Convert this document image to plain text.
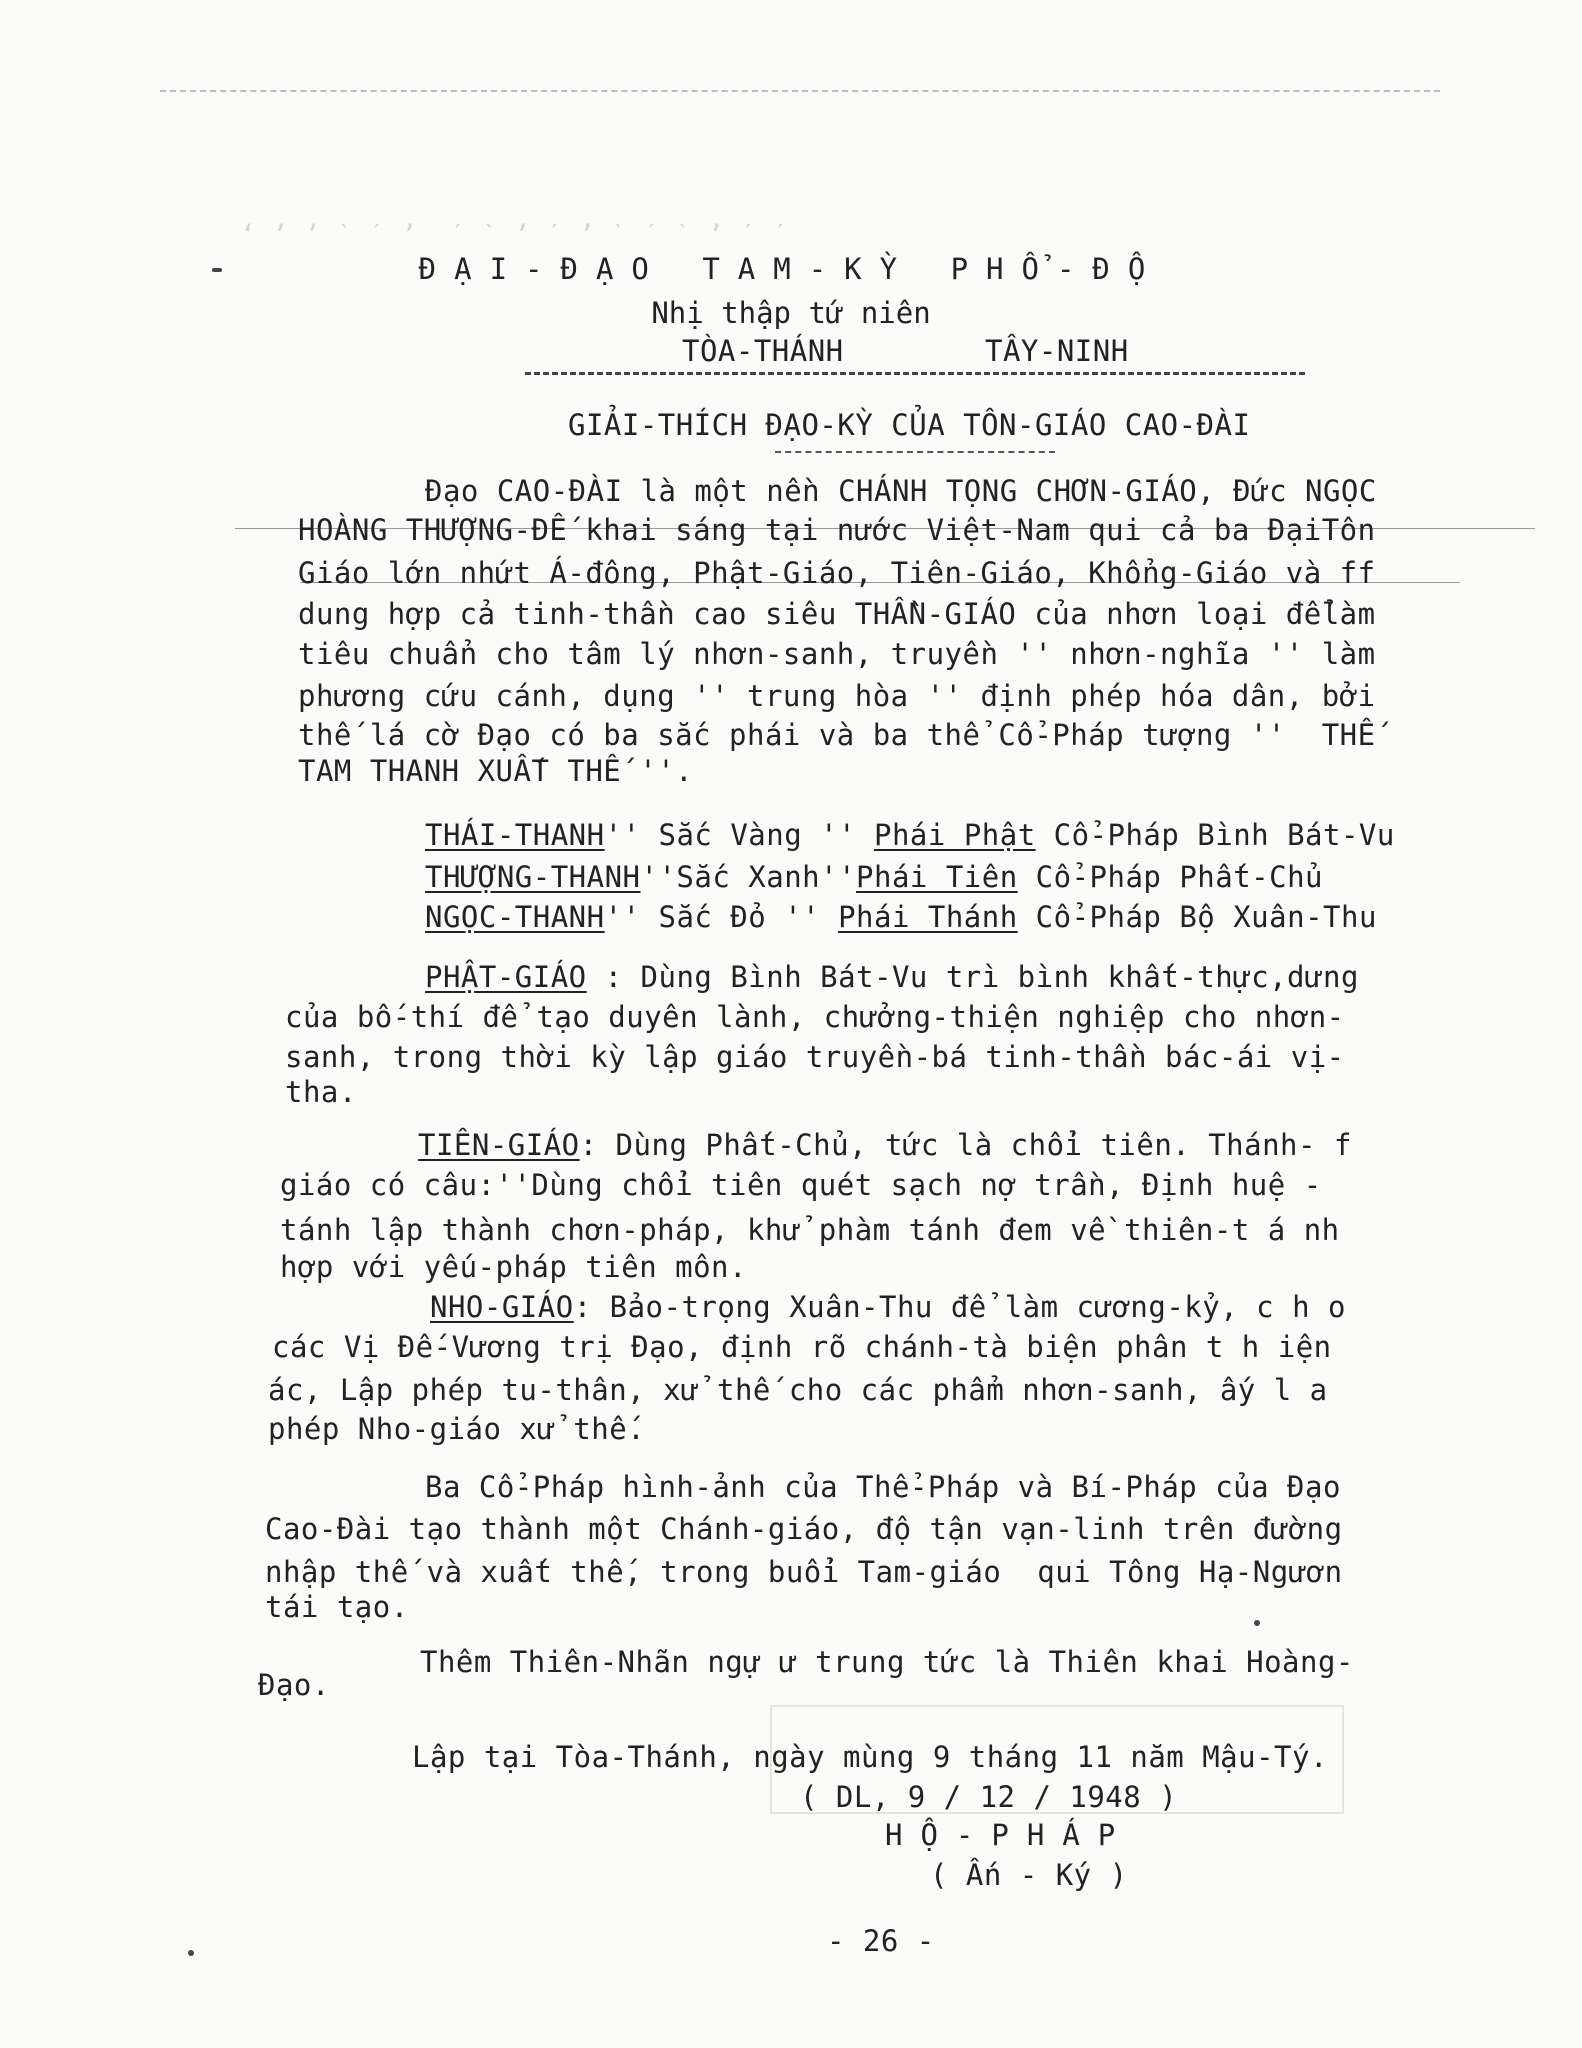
ʻ ʼ ʼ ˋ ˊ ʼ  ˊ ˋ ʼ ˊ ʼ ˋ ˊ ˋ ʼ ˊ ˊ
ĐẠI-ĐẠO TAM-KỲ PHỔ-ĐỘ
Nhị thập tứ niên
TÒA-THÁNH	TÂY-NINH
GIẢI-THÍCH ĐẠO-KỲ CỦA TÔN-GIÁO CAO-ĐÀI
Đạo CAO-ĐÀI là một nền CHÁNH TỌNG CHƠN-GIÁO, Đức NGỌC
HOÀNG THƯỢNG-ĐẾ khai sáng tại nước Việt-Nam qui cả ba ĐạiTôn
Giáo lớn nhứt Á-đông, Phật-Giáo, Tiên-Giáo, Khổng-Giáo và ff
dung hợp cả tinh-thần cao siêu THẦN-GIÁO của nhơn loại đểlàm
tiêu chuẩn cho tâm lý nhơn-sanh, truyền '' nhơn-nghĩa '' làm
phương cứu cánh, dụng '' trung hòa '' định phép hóa dân, bởi
thế lá cờ Đạo có ba sắc phái và ba thể Cổ-Pháp tượng ''  THẾ
TAM THANH XUẤT THẾ ''.
THÁI-THANH'' Sắc Vàng '' Phái Phật Cổ-Pháp Bình Bát-Vu
THƯỢNG-THANH''Sắc Xanh''Phái Tiên Cổ-Pháp Phất-Chủ
NGỌC-THANH'' Sắc Đỏ '' Phái Thánh Cổ-Pháp Bộ Xuân-Thu
PHẬT-GIÁO : Dùng Bình Bát-Vu trì bình khất-thực,dưng
của bố-thí để tạo duyên lành, chưởng-thiện nghiệp cho nhơn-
sanh, trong thời kỳ lập giáo truyền-bá tinh-thần bác-ái vị-
tha.
TIÊN-GIÁO: Dùng Phất-Chủ, tức là chổi tiên. Thánh- f
giáo có câu:''Dùng chổi tiên quét sạch nợ trần, Định huệ -
tánh lập thành chơn-pháp, khử phàm tánh đem về thiên-t á nh
hợp với yếu-pháp tiên môn.
NHO-GIÁO: Bảo-trọng Xuân-Thu để làm cương-kỷ, c h o
các Vị Đế-Vương trị Đạo, định rõ chánh-tà biện phân t h iện
ác, Lập phép tu-thân, xử thế cho các phẩm nhơn-sanh, ấy l a
phép Nho-giáo xử thế.
Ba Cổ-Pháp hình-ảnh của Thể-Pháp và Bí-Pháp của Đạo
Cao-Đài tạo thành một Chánh-giáo, độ tận vạn-linh trên đường
nhập thế và xuất thế, trong buổi Tam-giáo  qui Tông Hạ-Ngươn
tái tạo.
Thêm Thiên-Nhãn ngự ư trung tức là Thiên khai Hoàng-
Đạo.
Lập tại Tòa-Thánh, ngày mùng 9 tháng 11 năm Mậu-Tý.
( DL, 9 / 12 / 1948 )
HỘ-PHÁP
( Ấn - Ký )
- 26 -
